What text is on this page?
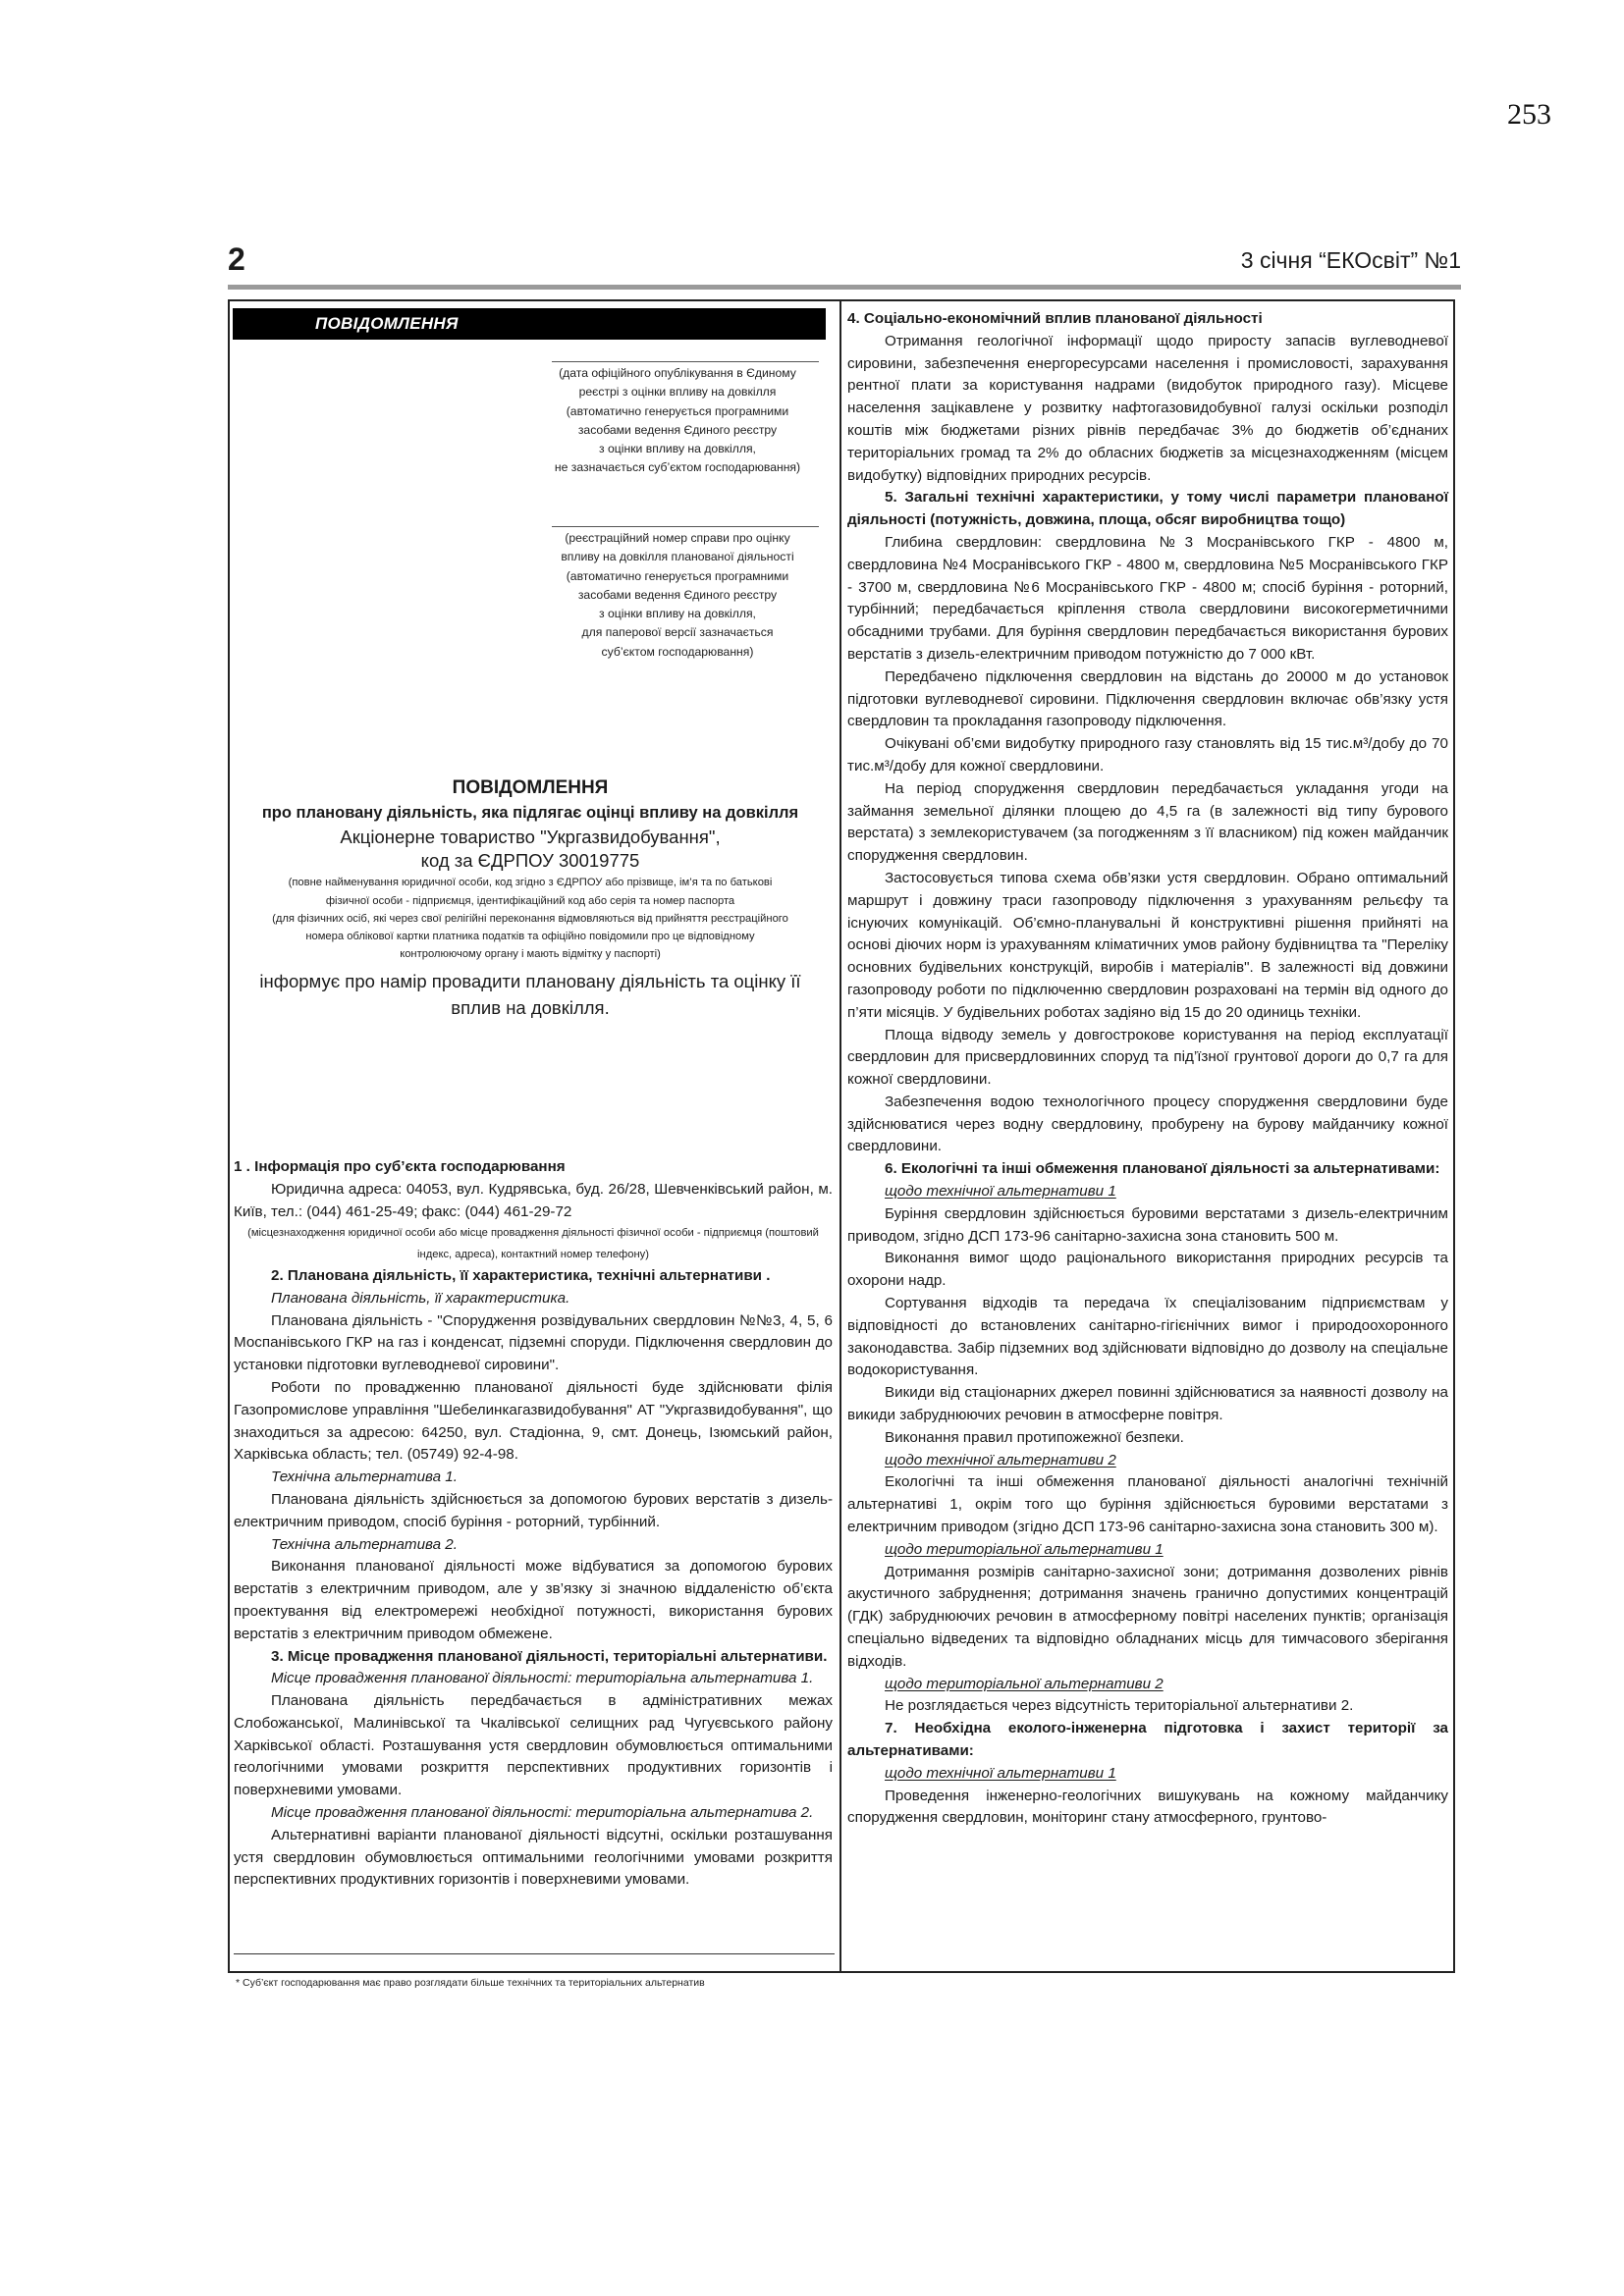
253
2	3 січня “ЕКОсвіт” №1
ПОВІДОМЛЕННЯ
(дата офіційного опублікування в Єдиному
реєстрі з оцінки впливу на довкілля
(автоматично генерується програмними
засобами ведення Єдиного реєстру
з оцінки впливу на довкілля,
не зазначається суб’єктом господарювання)
(реєстраційний номер справи про оцінку
впливу на довкілля планованої діяльності
(автоматично генерується програмними
засобами ведення Єдиного реєстру
з оцінки впливу на довкілля,
для паперової версії зазначається
суб’єктом господарювання)
ПОВІДОМЛЕННЯ
про плановану діяльність, яка підлягає оцінці впливу на довкілля
Акціонерне товариство "Укргазвидобування",
код за ЄДРПОУ 30019775
(повне найменування юридичної особи, код згідно з ЄДРПОУ або прізвище, ім’я та по батькові
фізичної особи - підприємця, ідентифікаційний код або серія та номер паспорта
(для фізичних осіб, які через свої релігійні переконання відмовляються від прийняття реєстраційного
номера облікової картки платника податків та офіційно повідомили про це відповідному
контролюючому органу і мають відмітку у паспорті)
інформує про намір провадити плановану діяльність та оцінку її вплив на довкілля.

1 . Інформація про суб’єкта господарювання

Юридична адреса: 04053, вул. Кудрявська, буд. 26/28, Шевченківський район, м. Київ, тел.: (044) 461-25-49; факс: (044) 461-29-72

(місцезнаходження юридичної особи або місце провадження діяльності фізичної особи - підприємця (поштовий індекс, адреса), контактний номер телефону)

2. Планована діяльність, її характеристика, технічні альтернативи .

Планована діяльність, її характеристика.

Планована діяльність - "Спорудження розвідувальних свердловин №№3, 4, 5, 6 Моспанівського ГКР на газ і конденсат, підземні споруди. Підключення свердловин до установки підготовки вуглеводневої сировини".

Роботи по провадженню планованої діяльності буде здійснювати філія Газопромислове управління "Шебелинкагазвидобування" АТ "Укргазвидобування", що знаходиться за адресою: 64250, вул. Стадіонна, 9, смт. Донець, Ізюмський район, Харківська область; тел. (05749) 92-4-98.

Технічна альтернатива 1.

Планована діяльність здійснюється за допомогою бурових верстатів з дизель-електричним приводом, спосіб буріння - роторний, турбінний.

Технічна альтернатива 2.

Виконання планованої діяльності може відбуватися за допомогою бурових верстатів з електричним приводом, але у зв’язку зі значною віддаленістю об’єкта проектування від електромережі необхідної потужності, використання бурових верстатів з електричним приводом обмежене.

3. Місце провадження планованої діяльності, територіальні альтернативи.

Місце провадження планованої діяльності: територіальна альтернатива 1.

Планована діяльність передбачається в адміністративних межах Слобожанської, Малинівської та Чкалівської селищних рад Чугуєвського району Харківської області. Розташування устя свердловин обумовлюється оптимальними геологічними умовами розкриття перспективних продуктивних горизонтів і поверхневими умовами.

Місце провадження планованої діяльності: територіальна альтернатива 2.

Альтернативні варіанти планованої діяльності відсутні, оскільки розташування устя свердловин обумовлюється оптимальними геологічними умовами розкриття перспективних продуктивних горизонтів і поверхневими умовами.

4. Соціально-економічний вплив планованої діяльності

Отримання геологічної інформації щодо приросту запасів вуглеводневої сировини, забезпечення енергоресурсами населення і промисловості, зарахування рентної плати за користування надрами (видобуток природного газу). Місцеве населення зацікавлене у розвитку нафтогазовидобувної галузі оскільки розподіл коштів між бюджетами різних рівнів передбачає 3% до бюджетів об’єднаних територіальних громад та 2% до обласних бюджетів за місцезнаходженням (місцем видобутку) відповідних природних ресурсів.

5. Загальні технічні характеристики, у тому числі параметри планованої діяльності (потужність, довжина, площа, обсяг виробництва тощо)

Глибина свердловин: свердловина №3 Мосpанівського ГКР - 4800 м, свердловина №4 Мосpанівського ГКР - 4800 м, свердловина №5 Мосpанівського ГКР - 3700 м, свердловина №6 Мосpанівського ГКР - 4800 м; спосіб буріння - роторний, турбінний; передбачається кріплення ствола свердловини високогерметичними обсадними трубами. Для буріння свердловин передбачається використання бурових верстатів з дизель-електричним приводом потужністю до 7 000 кВт.

Передбачено підключення свердловин на відстань до 20000 м до установок підготовки вуглеводневої сировини. Підключення свердловин включає обв’язку устя свердловин та прокладання газопроводу підключення.

Очікувані об’єми видобутку природного газу становлять від 15 тис.м³/добу до 70 тис.м³/добу для кожної свердловини.

На період спорудження свердловин передбачається укладання угоди на займання земельної ділянки площею до 4,5 га (в залежності від типу бурового верстата) з землекористувачем (за погодженням з її власником) під кожен майданчик спорудження свердловин.

Застосовується типова схема обв’язки устя свердловин. Обрано оптимальний маршрут і довжину траси газопроводу підключення з урахуванням рельєфу та існуючих комунікацій. Об’ємно-планувальні й конструктивні рішення прийняті на основі діючих норм із урахуванням кліматичних умов району будівництва та "Переліку основних будівельних конструкцій, виробів і матеріалів". В залежності від довжини газопроводу роботи по підключенню свердловин розраховані на термін від одного до п’яти місяців. У будівельних роботах задіяно від 15 до 20 одиниць техніки.

Площа відводу земель у довгострокове користування на період експлуатації свердловин для присвердловинних споруд та під’їзної грунтової дороги до 0,7 га для кожної свердловини.

Забезпечення водою технологічного процесу спорудження свердловини буде здійснюватися через водну свердловину, пробурену на бурову майданчику кожної свердловини.

6. Екологічні та інші обмеження планованої діяльності за альтернативами:

щодо технічної альтернативи 1

Буріння свердловин здійснюється буровими верстатами з дизель-електричним приводом, згідно ДСП 173-96 санітарно-захисна зона становить 500 м.

Виконання вимог щодо раціонального використання природних ресурсів та охорони надр.

Сортування відходів та передача їх спеціалізованим підприємствам у відповідності до встановлених санітарно-гігієнічних вимог і природоохоронного законодавства. Забір підземних вод здійснювати відповідно до дозволу на спеціальне водокористування.

Викиди від стаціонарних джерел повинні здійснюватися за наявності дозволу на викиди забруднюючих речовин в атмосферне повітря.

Виконання правил протипожежної безпеки.

щодо технічної альтернативи 2

Екологічні та інші обмеження планованої діяльності аналогічні технічній альтернативі 1, окрім того що буріння здійснюється буровими верстатами з електричним приводом (згідно ДСП 173-96 санітарно-захисна зона становить 300 м).

щодо територіальної альтернативи 1

Дотримання розмірів санітарно-захисної зони; дотримання дозволених рівнів акустичного забруднення; дотримання значень гранично допустимих концентрацій (ГДК) забруднюючих речовин в атмосферному повітрі населених пунктів; організація спеціально відведених та відповідно обладнаних місць для тимчасового зберігання відходів.

щодо територіальної альтернативи 2

Не розглядається через відсутність територіальної альтернативи 2.

7. Необхідна еколого-інженерна підготовка і захист території за альтернативами:

щодо технічної альтернативи 1

Проведення інженерно-геологічних вишукувань на кожному майданчику спорудження свердловин, моніторинг стану атмосферного, грунтово-

* Суб’єкт господарювання має право розглядати більше технічних та територіальних альтернатив
